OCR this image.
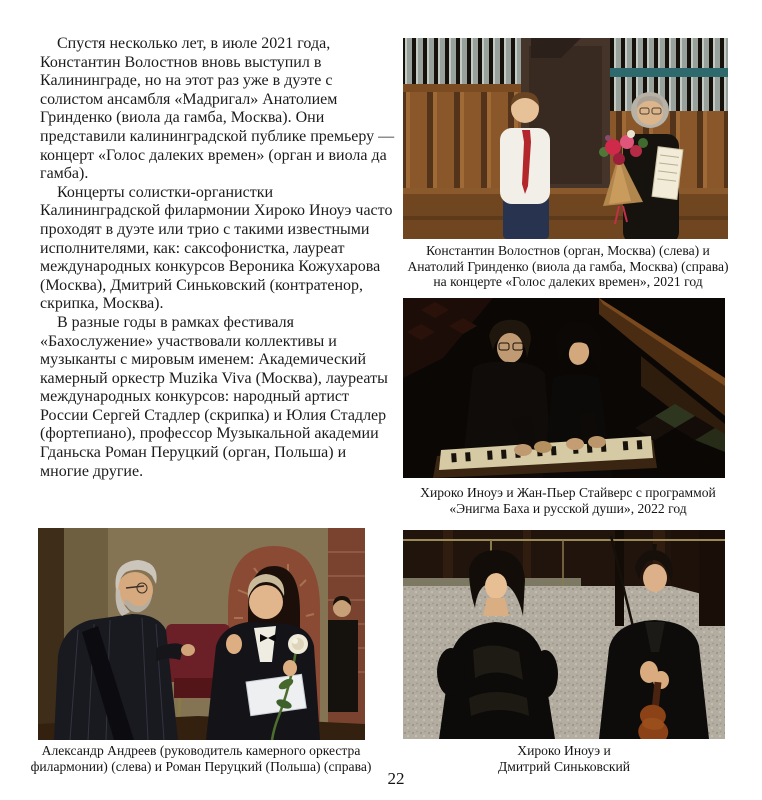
Спустя несколько лет, в июле 2021 года, Константин Волостнов вновь выступил в Калининграде, но на этот раз уже в дуэте с солистом ансамбля «Мадригал» Анатолием Гринденко (виола да гамба, Москва). Они представили калининградской публике премьеру — концерт «Голос далеких времен» (орган и виола да гамба).

Концерты солистки-органистки Калининградской филармонии Хироко Иноуэ часто проходят в дуэте или трио с такими известными исполнителями, как: саксофонистка, лауреат международных конкурсов Вероника Кожухарова (Москва), Дмитрий Синьковский (контратенор, скрипка, Москва).

В разные годы в рамках фестиваля «Бахослужение» участвовали коллективы и музыканты с мировым именем: Академический камерный оркестр Muzika Viva (Москва), лауреаты международных конкурсов: народный артист России Сергей Стадлер (скрипка) и Юлия Стадлер (фортепиано), профессор Музыкальной академии Гданьска Роман Перуцкий (орган, Польша) и многие другие.

Константин Волостнов (орган, Москва) (слева) и
Анатолий Гринденко (виола да гамба, Москва) (справа)
на концерте «Голос далеких времен», 2021 год
Хироко Иноуэ и Жан-Пьер Стайверс с программой
«Энигма Баха и русской души», 2022 год
Александр Андреев (руководитель камерного оркестра
филармонии) (слева) и Роман Перуцкий (Польша) (справа)
Хироко Иноуэ и
Дмитрий Синьковский
22
